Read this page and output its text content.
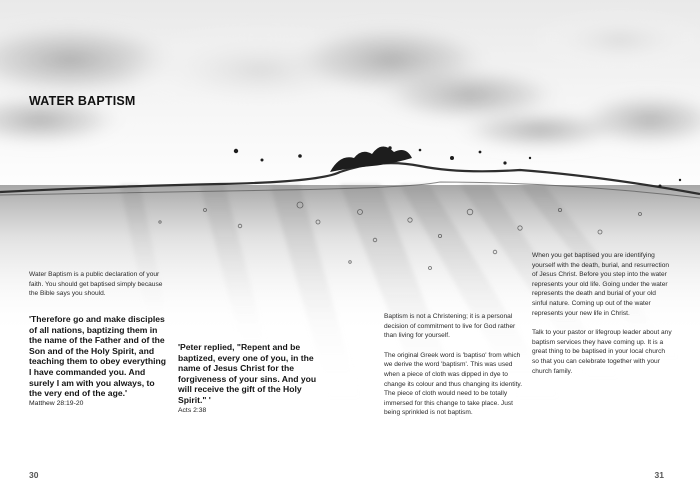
WATER BAPTISM
Water Baptism is a public declaration of your faith. You should get baptised simply because the Bible says you should.
'Therefore go and make disciples of all nations, baptizing them in the name of the Father and of the Son and of the Holy Spirit, and teaching them to obey everything I have commanded you. And surely I am with you always, to the very end of the age.'
Matthew 28:19-20
'Peter replied, "Repent and be baptized, every one of you, in the name of Jesus Christ for the forgiveness of your sins. And you will receive the gift of the Holy Spirit." '
Acts 2:38

Baptism is not a Christening; it is a personal decision of commitment to live for God rather than living for yourself.

The original Greek word is 'baptiso' from which we derive the word 'baptism'. This was used when a piece of cloth was dipped in dye to change its colour and thus changing its identity. The piece of cloth would need to be totally immersed for this change to take place. Just being sprinkled is not baptism.

When you get baptised you are identifying yourself with the death, burial, and resurrection of Jesus Christ. Before you step into the water represents your old life. Going under the water represents the death and burial of your old sinful nature. Coming up out of the water represents your new life in Christ.

Talk to your pastor or lifegroup leader about any baptism services they have coming up. It is a great thing to be baptised in your local church so that you can celebrate together with your church family.

30	31
